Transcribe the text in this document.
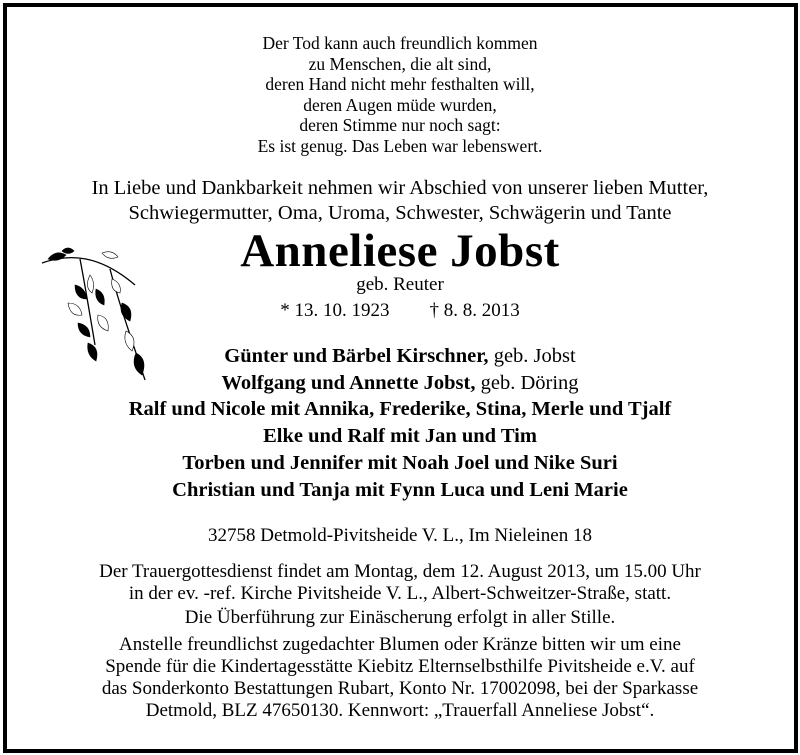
Der Tod kann auch freundlich kommen
zu Menschen, die alt sind,
deren Hand nicht mehr festhalten will,
deren Augen müde wurden,
deren Stimme nur noch sagt:
Es ist genug. Das Leben war lebenswert.
In Liebe und Dankbarkeit nehmen wir Abschied von unserer lieben Mutter,
Schwiegermutter, Oma, Uroma, Schwester, Schwägerin und Tante
Anneliese Jobst
geb. Reuter
* 13. 10. 1923 † 8. 8. 2013
Günter und Bärbel Kirschner, geb. Jobst
Wolfgang und Annette Jobst, geb. Döring
Ralf und Nicole mit Annika, Frederike, Stina, Merle und Tjalf
Elke und Ralf mit Jan und Tim
Torben und Jennifer mit Noah Joel und Nike Suri
Christian und Tanja mit Fynn Luca und Leni Marie
32758 Detmold-Pivitsheide V. L., Im Nieleinen 18
Der Trauergottesdienst findet am Montag, dem 12. August 2013, um 15.00 Uhr
in der ev. -ref. Kirche Pivitsheide V. L., Albert-Schweitzer-Straße, statt.
Die Überführung zur Einäscherung erfolgt in aller Stille.
Anstelle freundlichst zugedachter Blumen oder Kränze bitten wir um eine
Spende für die Kindertagesstätte Kiebitz Elternselbsthilfe Pivitsheide e.V. auf
das Sonderkonto Bestattungen Rubart, Konto Nr. 17002098, bei der Sparkasse
Detmold, BLZ 47650130. Kennwort: „Trauerfall Anneliese Jobst“.
